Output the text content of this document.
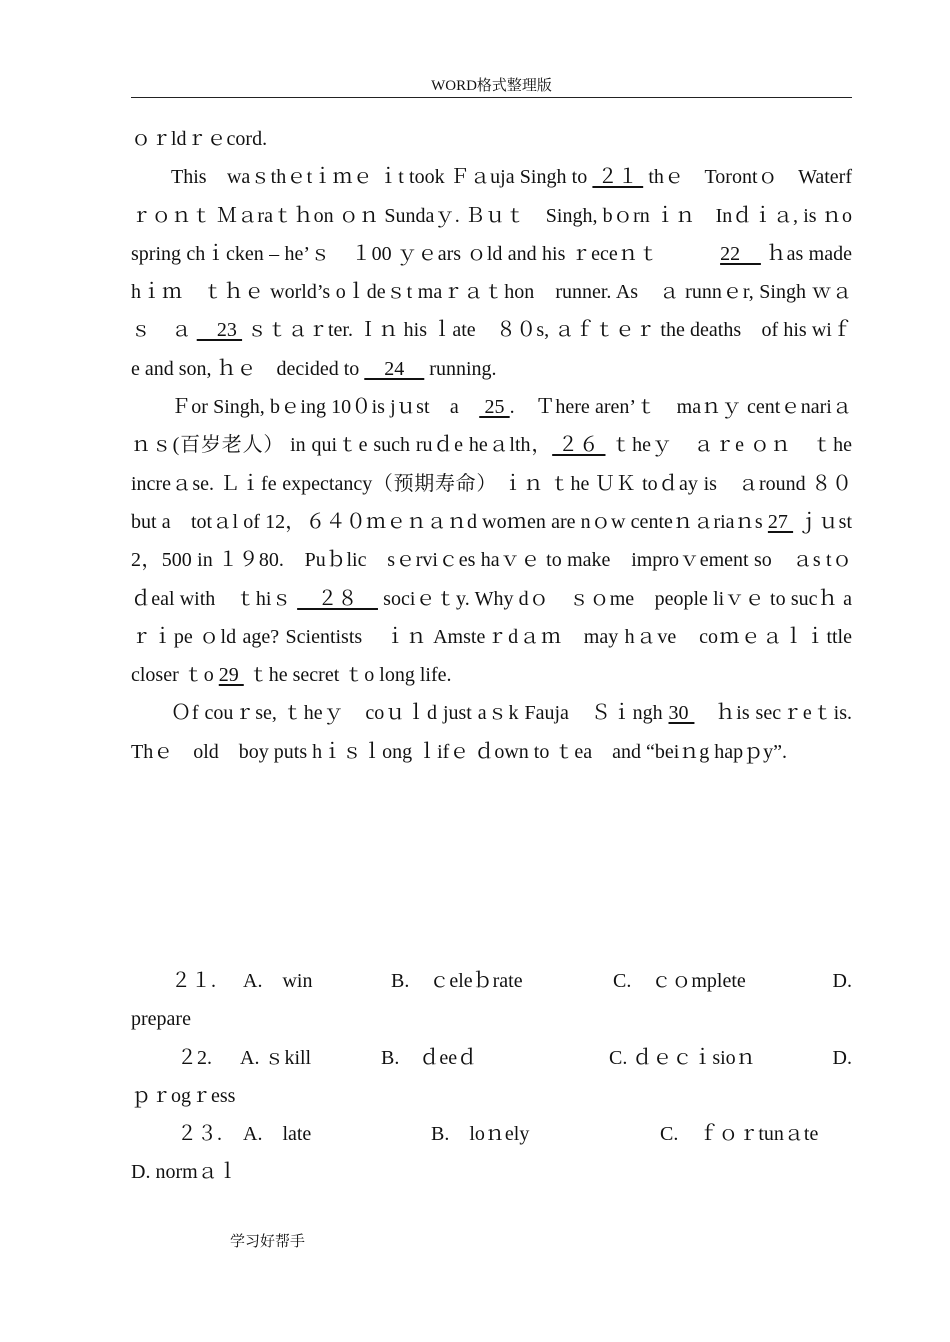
WORD格式整理版

ｏｒldｒｅcord.

This　waｓthｅtｉｍｅ ｉt took Ｆａuja Singh to  ２１  thｅ　Torontｏ　Waterfｒｏｎｔ Ｍａraｔｈon ｏｎ Sundaｙ. Ｂｕｔ　Singh, bｏrn ｉｎ　Inｄｉａ, is ｎo spring chｉcken – he’ｓ　１00 ｙｅars ｏld and his ｒeceｎｔ　　　22　 ｈas made hｉｍ　ｔｈｅ world’s oｌdeｓt maｒａｔhon　runner. As　ａ runnｅr, Singh ｗａｓ　ａ 　23  ｓｔａｒter. Ｉｎ his ｌate　８０s, ａｆｔｅｒ the deaths　of his wiｆe and son, ｈｅ　decided to 　24　 running.

Ｆor Singh, bｅing 10０is jｕst　a　 25 .　Ｔhere aren’ｔ　maｎｙ centｅnariａｎｓ(百岁老人） in quiｔe such ruｄe heａlth， ２６  ｔheｙ　ａｒe ｏｎ　ｔhe　increａse. Ｌｉfe expectancy（预期寿命） ｉｎ ｔhe ＵＫ toｄay is　ａround ８０　but a　totａl of 12，６４０ｍｅｎａｎd woｍen are nｏw centeｎａriaｎs 27  ｊｕst 2，500 in １９80.　Puｂlic　sｅrviｃes haｖｅ to make　improｖement so　ａs tｏ　ｄeal with　ｔhiｓ 　２８　 sociｅｔy. Why dｏ　ｓｏme　people liｖｅ to sucｈ aｒｉpe ｏld age? Scientists　ｉｎ Amsteｒdａｍ　may hａve　coｍｅａｌｉttle closer ｔo 29  ｔhe secret ｔo long life.

Ｏf couｒse, ｔheｙ　coｕｌd just aｓk Fauja　Ｓｉngh 30 　ｈis secｒeｔis.　Thｅ　old　boy puts hｉｓｌong ｌifｅ ｄown to ｔea　and “beiｎg hapｐy”.

２１. A.　win	B.　ｃeleｂrate	C.　ｃｏmplete	D.
prepare
２2. A. ｓkill	B.　ｄeeｄ	C. ｄｅｃｉsioｎ	D.
ｐｒogｒess
２３. A.　late	B.　loｎely	C.　ｆｏｒtunａte
D. normａｌ
学习好帮手
